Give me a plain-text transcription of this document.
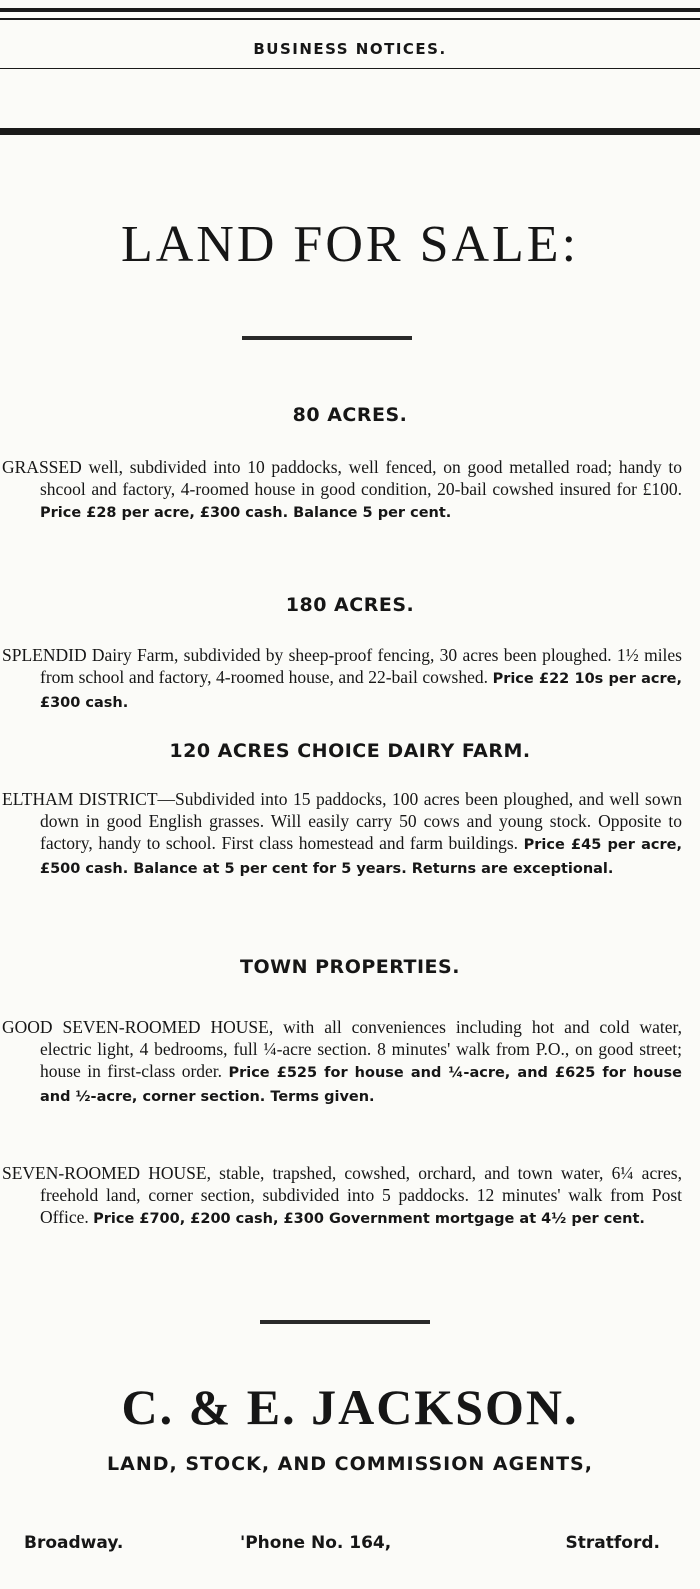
BUSINESS NOTICES.
LAND FOR SALE:
80 ACRES.
GRASSED well, subdivided into 10 paddocks, well fenced, on good metalled road; handy to shcool and factory, 4-roomed house in good condition, 20-bail cowshed insured for £100. Price £28 per acre, £300 cash. Balance 5 per cent.
180 ACRES.
SPLENDID Dairy Farm, subdivided by sheep-proof fencing, 30 acres been ploughed. 1½ miles from school and factory, 4-roomed house, and 22-bail cowshed. Price £22 10s per acre, £300 cash.
120 ACRES CHOICE DAIRY FARM.
ELTHAM DISTRICT—Subdivided into 15 paddocks, 100 acres been ploughed, and well sown down in good English grasses. Will easily carry 50 cows and young stock. Opposite to factory, handy to school. First class homestead and farm buildings. Price £45 per acre, £500 cash. Balance at 5 per cent for 5 years. Returns are exceptional.
TOWN PROPERTIES.
GOOD SEVEN-ROOMED HOUSE, with all conveniences including hot and cold water, electric light, 4 bedrooms, full ¼-acre section. 8 minutes' walk from P.O., on good street; house in first-class order. Price £525 for house and ¼-acre, and £625 for house and ½-acre, corner section. Terms given.
SEVEN-ROOMED HOUSE, stable, trapshed, cowshed, orchard, and town water, 6¼ acres, freehold land, corner section, subdivided into 5 paddocks. 12 minutes' walk from Post Office. Price £700, £200 cash, £300 Government mortgage at 4½ per cent.
C. & E. JACKSON.
LAND, STOCK, AND COMMISSION AGENTS,
Broadway.	'Phone No. 164,	Stratford.
